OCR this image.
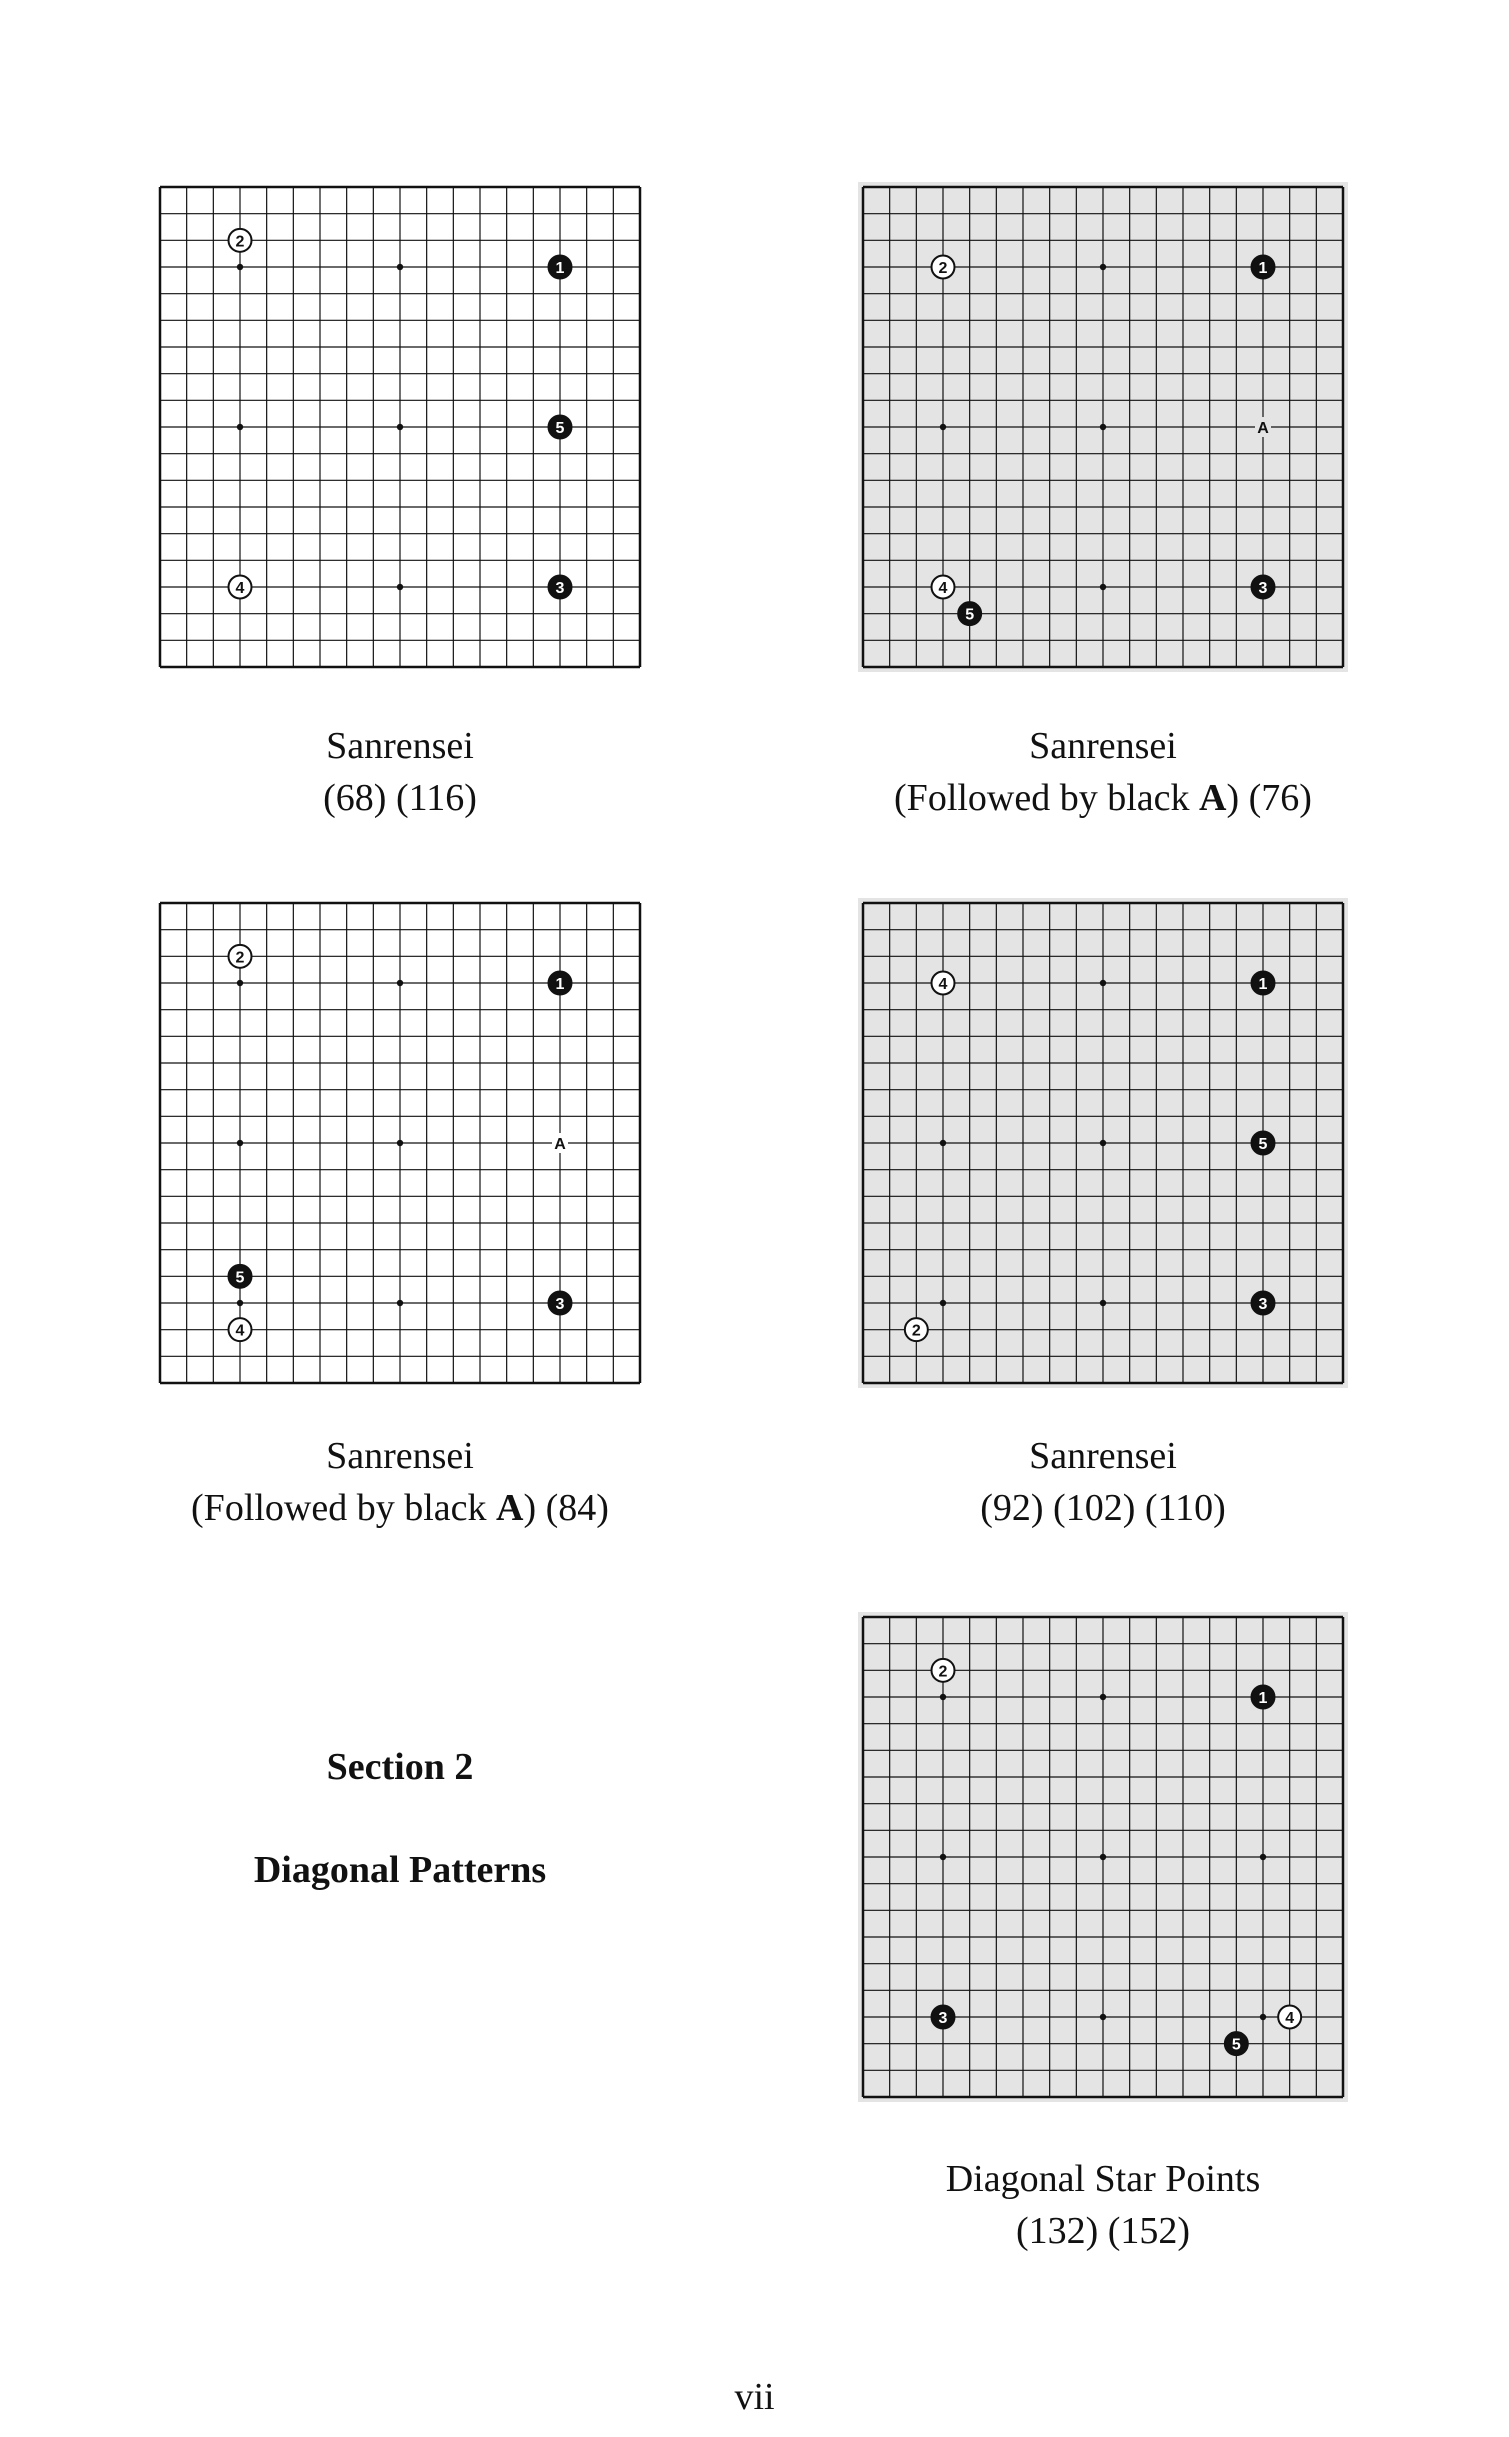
1
2
3
4
5
Sanrensei
(68) (116)
A
1
2
3
4
5
Sanrensei
(Followed by black A) (76)
A
1
2
3
4
5
Sanrensei
(Followed by black A) (84)
1
2
3
4
5
Sanrensei
(92) (102) (110)
Section 2
Diagonal Patterns
1
2
3	4
5
Diagonal Star Points
(132) (152)
vii
